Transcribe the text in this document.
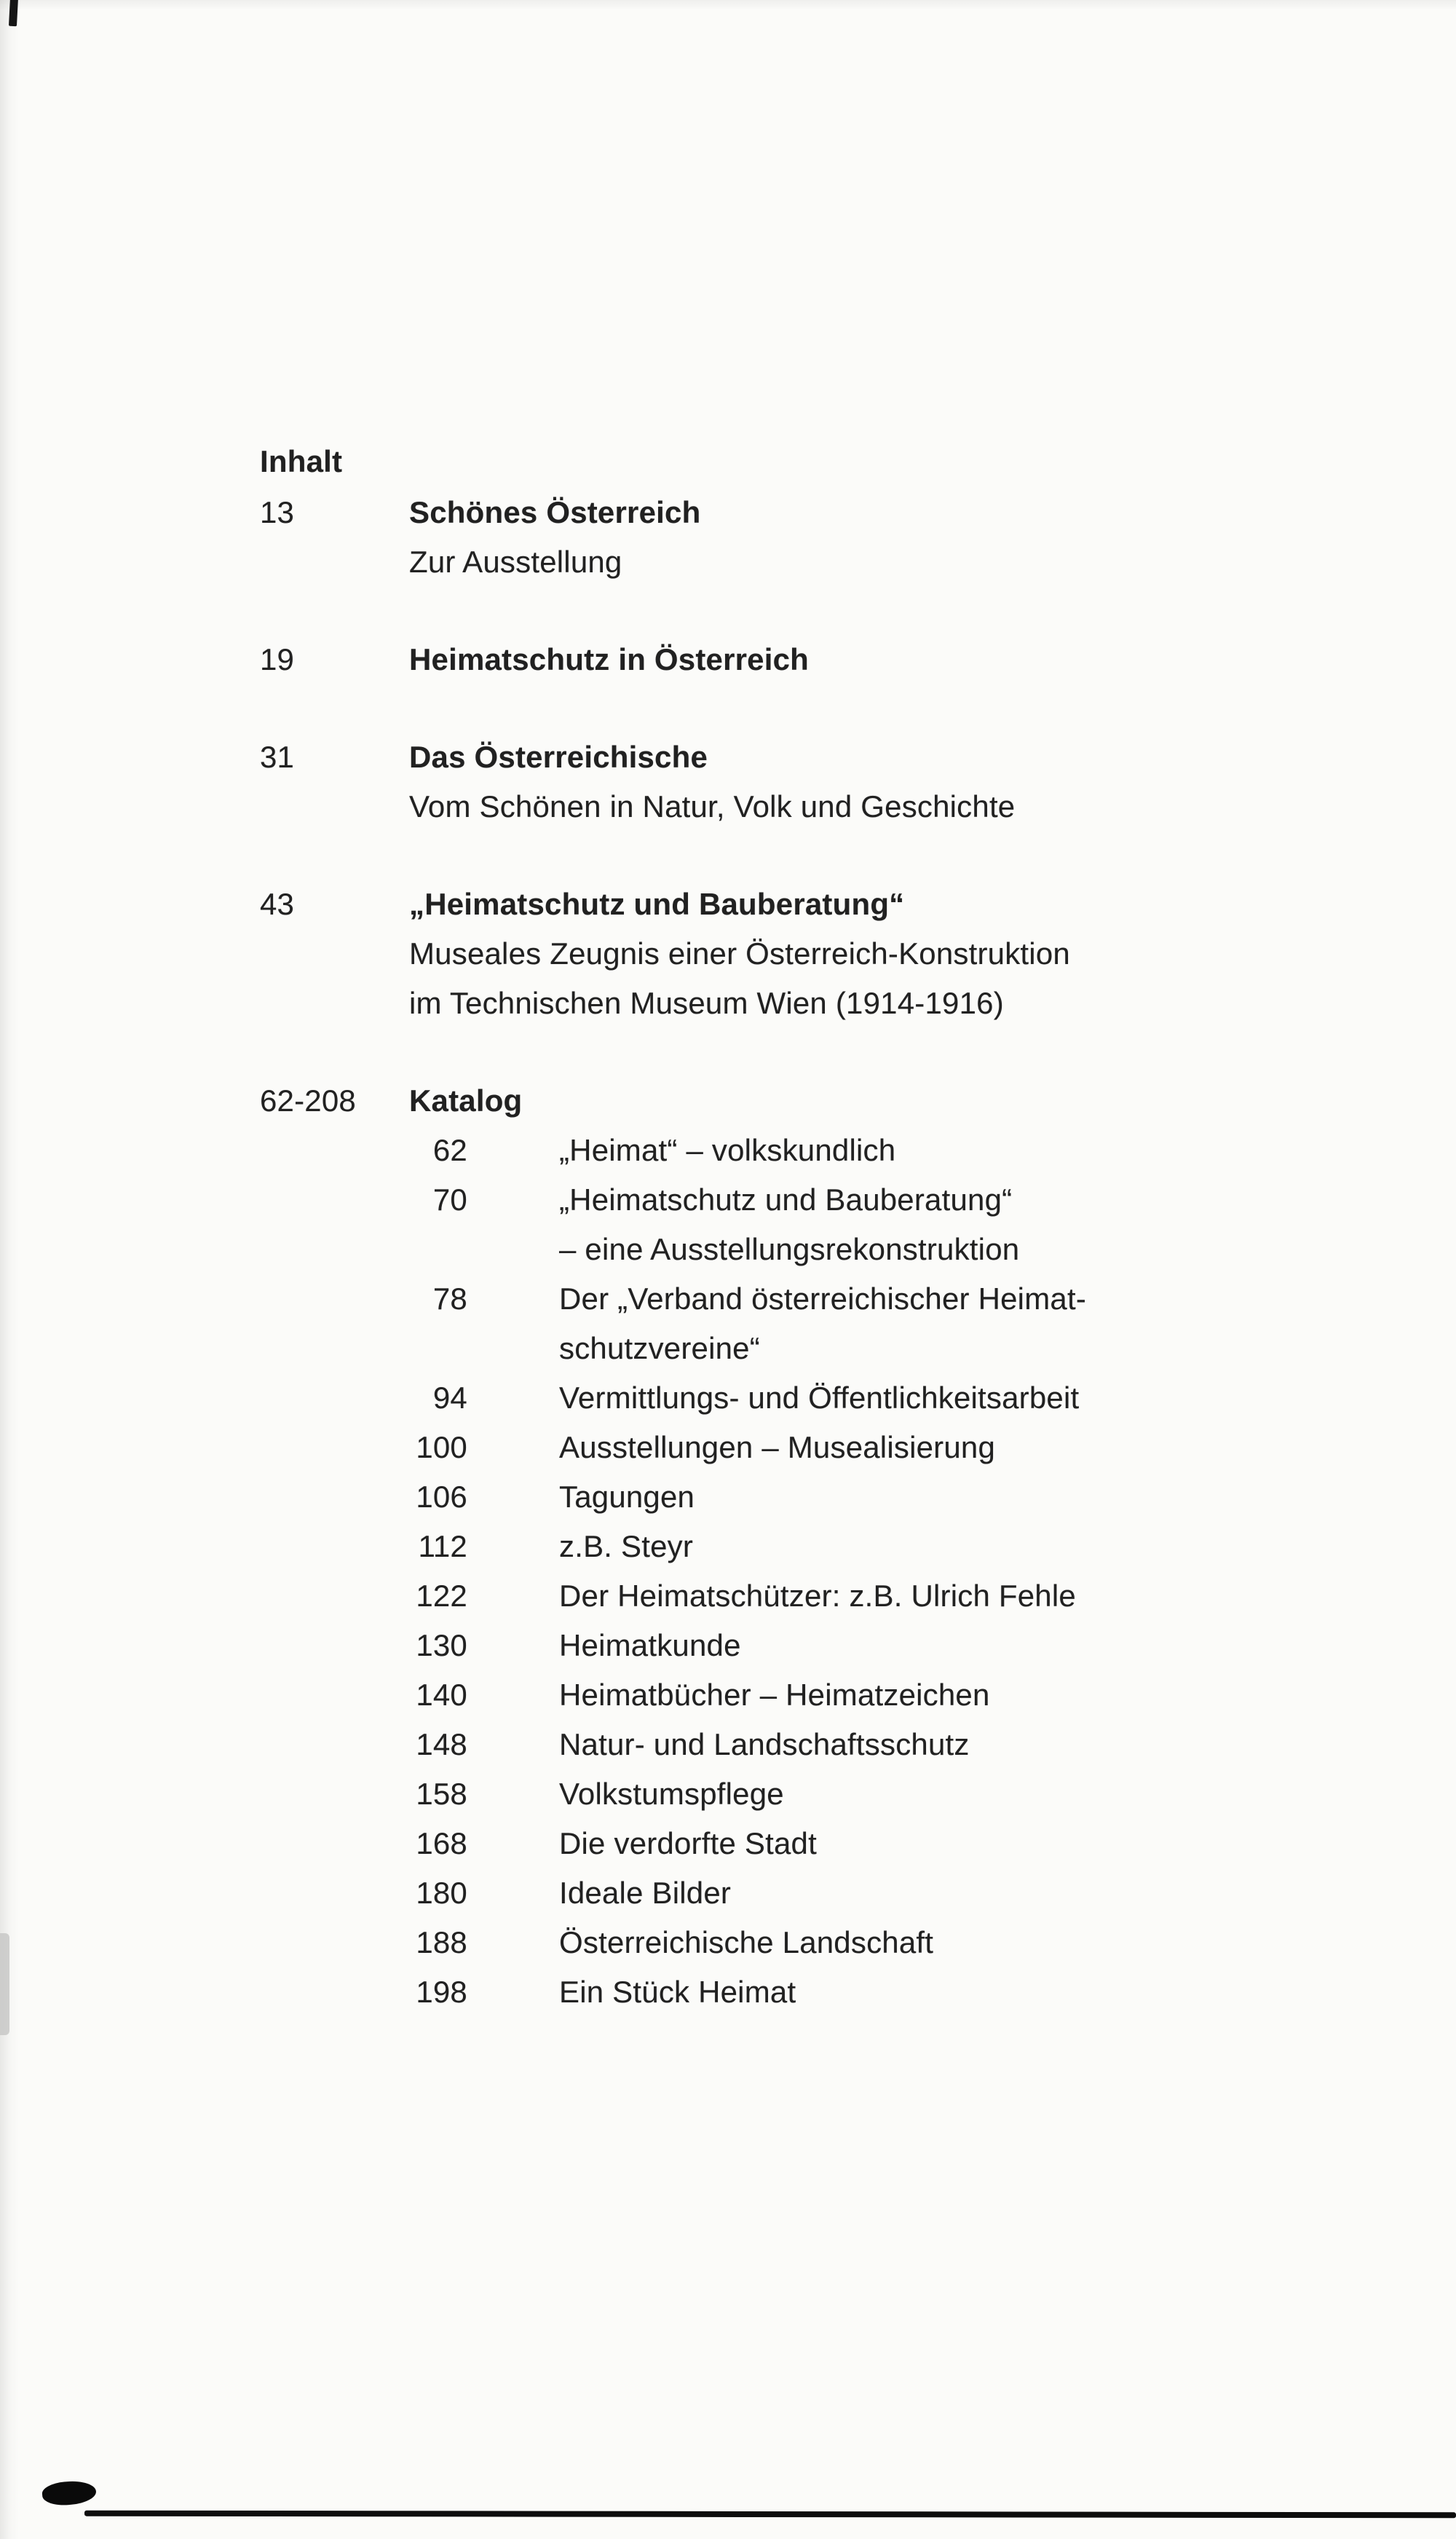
Inhalt
13	Schönes Österreich
Zur Ausstellung
19	Heimatschutz in Österreich
31	Das Österreichische
Vom Schönen in Natur, Volk und Geschichte
43	„Heimatschutz und Bauberatung“
Museales Zeugnis einer Österreich-Konstruktion
im Technischen Museum Wien (1914-1916)
62-208	Katalog
62	„Heimat“ – volkskundlich
70	„Heimatschutz und Bauberatung“
– eine Ausstellungsrekonstruktion
78	Der „Verband österreichischer Heimat-
schutzvereine“
94	Vermittlungs- und Öffentlichkeitsarbeit
100	Ausstellungen – Musealisierung
106	Tagungen
112	z.B. Steyr
122	Der Heimatschützer: z.B. Ulrich Fehle
130	Heimatkunde
140	Heimatbücher – Heimatzeichen
148	Natur- und Landschaftsschutz
158	Volkstumspflege
168	Die verdorfte Stadt
180	Ideale Bilder
188	Österreichische Landschaft
198	Ein Stück Heimat
